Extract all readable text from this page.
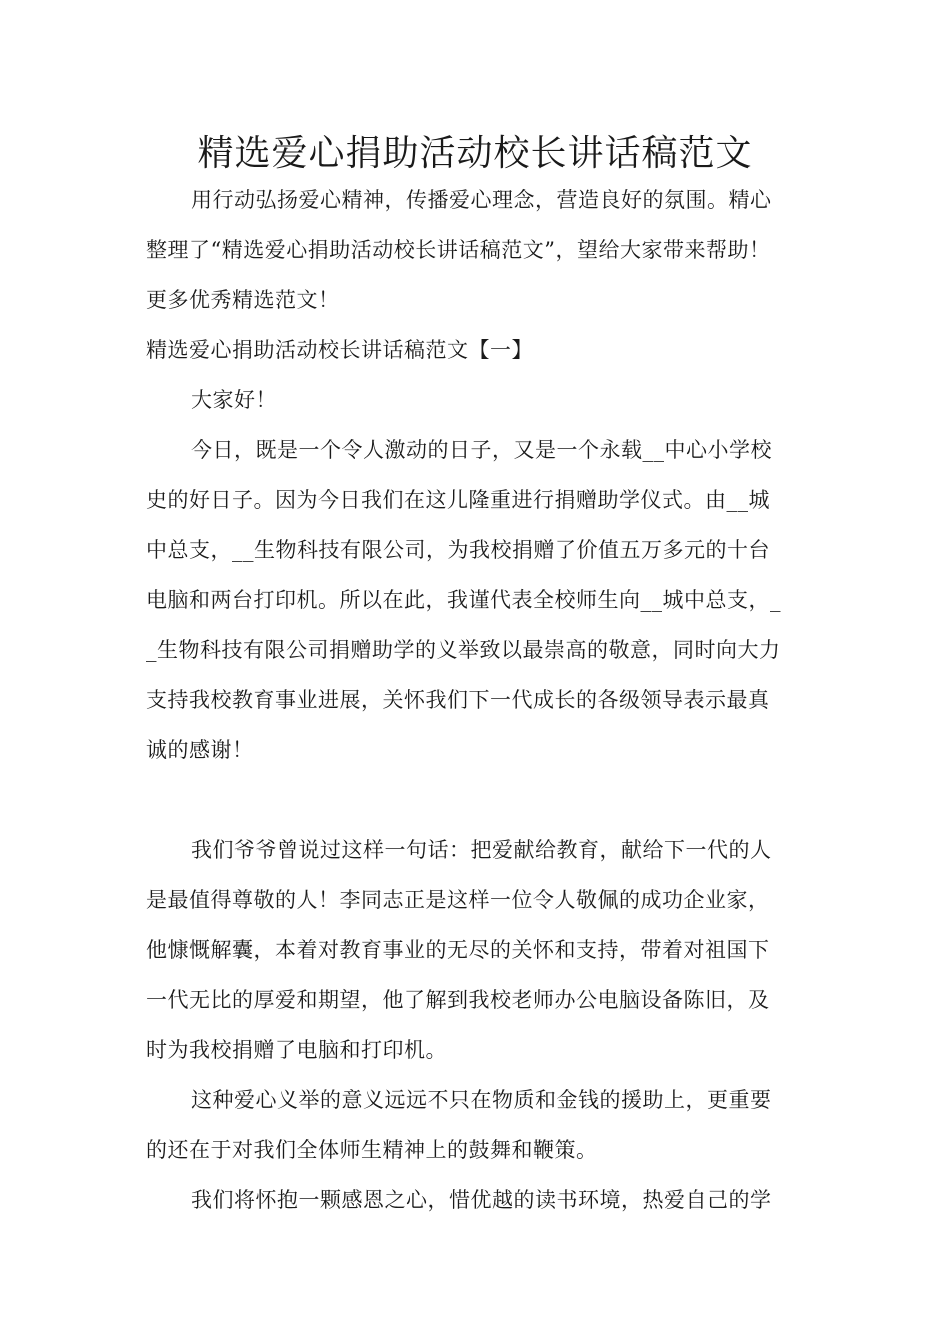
精选爱心捐助活动校长讲话稿范文

用行动弘扬爱心精神，传播爱心理念，营造良好的氛围。精心

整理了“精选爱心捐助活动校长讲话稿范文”，望给大家带来帮助！

更多优秀精选范文！

精选爱心捐助活动校长讲话稿范文【一】

大家好！

今日，既是一个令人激动的日子，又是一个永载__中心小学校

史的好日子。因为今日我们在这儿隆重进行捐赠助学仪式。由__城

中总支，__生物科技有限公司，为我校捐赠了价值五万多元的十台

电脑和两台打印机。所以在此，我谨代表全校师生向__城中总支，_

_生物科技有限公司捐赠助学的义举致以最崇高的敬意，同时向大力

支持我校教育事业进展，关怀我们下一代成长的各级领导表示最真

诚的感谢！

我们爷爷曾说过这样一句话：把爱献给教育，献给下一代的人

是最值得尊敬的人！李同志正是这样一位令人敬佩的成功企业家，

他慷慨解囊，本着对教育事业的无尽的关怀和支持，带着对祖国下

一代无比的厚爱和期望，他了解到我校老师办公电脑设备陈旧，及

时为我校捐赠了电脑和打印机。

这种爱心义举的意义远远不只在物质和金钱的援助上，更重要

的还在于对我们全体师生精神上的鼓舞和鞭策。

我们将怀抱一颗感恩之心，惜优越的读书环境，热爱自己的学
